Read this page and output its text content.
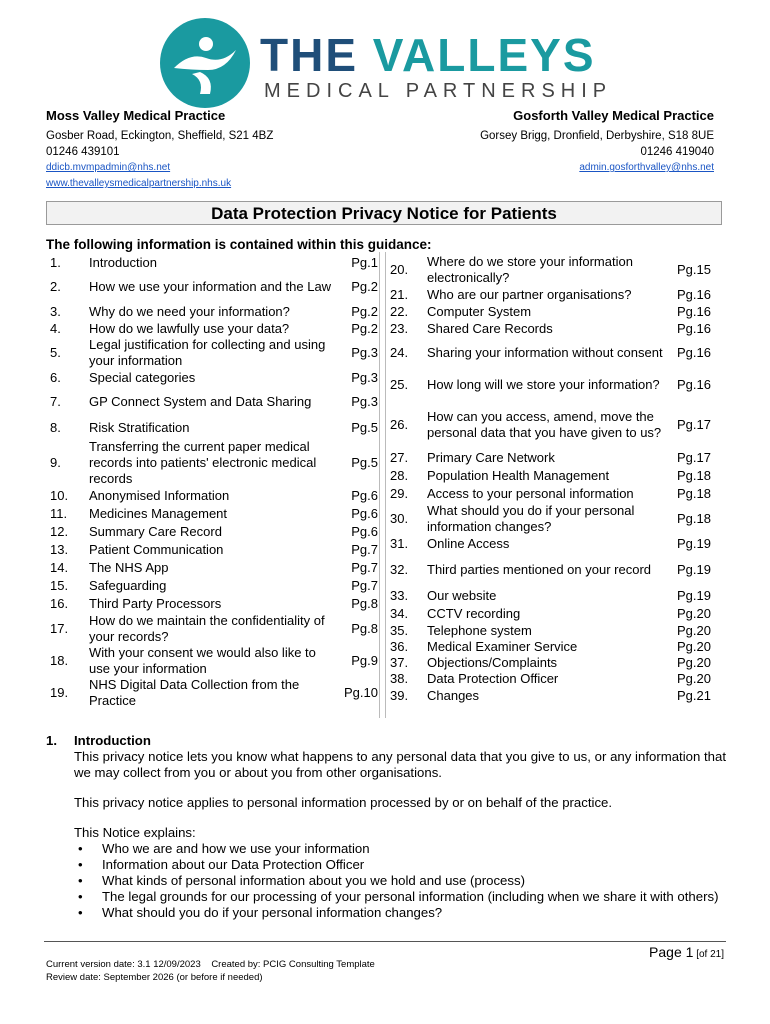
THE VALLEYS
MEDICAL PARTNERSHIP
Moss Valley Medical Practice
Gosber Road, Eckington, Sheffield, S21 4BZ
01246 439101
ddicb.mvmpadmin@nhs.net
www.thevalleysmedicalpartnership.nhs.uk
Gosforth Valley Medical Practice
Gorsey Brigg, Dronfield, Derbyshire, S18 8UE
01246 419040
admin.gosforthvalley@nhs.net
Data Protection Privacy Notice for Patients
The following information is contained within this guidance:
1.	Introduction	Pg.1
2.	How we use your information and the Law	Pg.2
3.	Why do we need your information?	Pg.2
4.	How do we lawfully use your data?	Pg.2
5.
Legal justification for collecting and using your information
Pg.3
6.	Special categories	Pg.3
7.	GP Connect System and Data Sharing	Pg.3
8.	Risk Stratification	Pg.5
9.
Transferring the current paper medical records into patients' electronic medical records
Pg.5
10.	Anonymised Information	Pg.6
11.	Medicines Management	Pg.6
12.	Summary Care Record	Pg.6
13.	Patient Communication	Pg.7
14.	The NHS App	Pg.7
15.	Safeguarding	Pg.7
16.	Third Party Processors	Pg.8
17.
How do we maintain the confidentiality of your records?
Pg.8
18.
With your consent we would also like to use your information
Pg.9
19.
NHS Digital Data Collection from the Practice
Pg.10
20.
Where do we store your information electronically?
Pg.15
21.	Who are our partner organisations?	Pg.16
22.	Computer System	Pg.16
23.	Shared Care Records	Pg.16
24.	Sharing your information without consent	Pg.16
25.	How long will we store your information?	Pg.16
26.
How can you access, amend, move the personal data that you have given to us?
Pg.17
27.	Primary Care Network	Pg.17
28.	Population Health Management	Pg.18
29.	Access to your personal information	Pg.18
30.
What should you do if your personal information changes?
Pg.18
31.	Online Access	Pg.19
32.	Third parties mentioned on your record	Pg.19
33.	Our website	Pg.19
34.	CCTV recording	Pg.20
35.	Telephone system	Pg.20
36.	Medical Examiner Service	Pg.20
37.	Objections/Complaints	Pg.20
38.	Data Protection Officer	Pg.20
39.	Changes	Pg.21
1.	Introduction

This privacy notice lets you know what happens to any personal data that you give to us, or any information that we may collect from you or about you from other organisations.

This privacy notice applies to personal information processed by or on behalf of the practice.

This Notice explains:

• Who we are and how we use your information
• Information about our Data Protection Officer
• What kinds of personal information about you we hold and use (process)
• The legal grounds for our processing of your personal information (including when we share it with others)
• What should you do if your personal information changes?
Page 1 [of 21]
Current version date: 3.1 12/09/2023 Created by: PCIG Consulting Template
Review date: September 2026 (or before if needed)
